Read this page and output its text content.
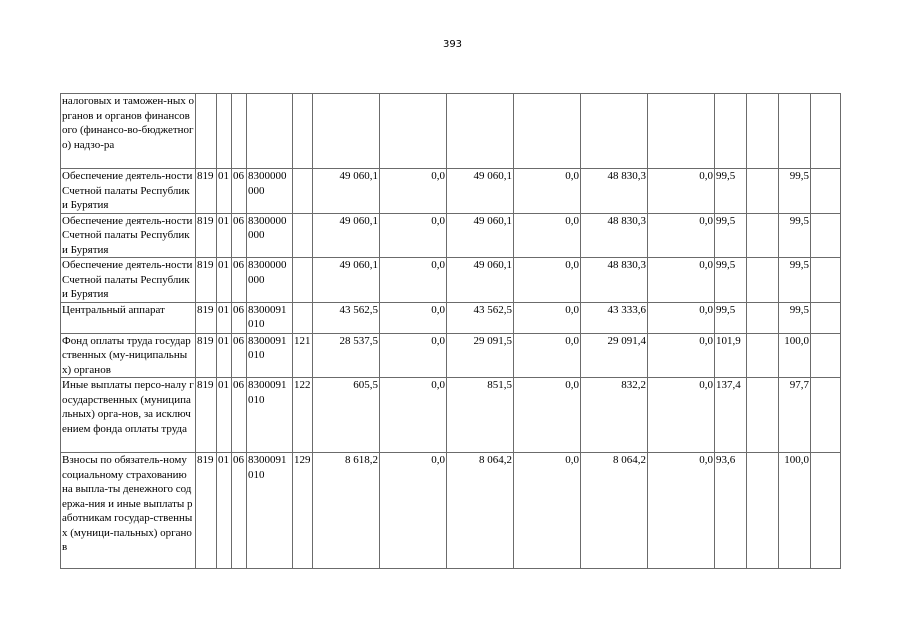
393
налоговых и таможен-ных органов и органов финансового (финансо-во-бюджетного) надзо-ра															
Обеспечение деятель-ности Счетной палаты Республики Бурятия	819	01	06	8300000 000		49 060,1	0,0	49 060,1	0,0	48 830,3	0,0	99,5		99,5	
Обеспечение деятель-ности Счетной палаты Республики Бурятия	819	01	06	8300000 000		49 060,1	0,0	49 060,1	0,0	48 830,3	0,0	99,5		99,5	
Обеспечение деятель-ности Счетной палаты Республики Бурятия	819	01	06	8300000 000		49 060,1	0,0	49 060,1	0,0	48 830,3	0,0	99,5		99,5	
Центральный аппарат	819	01	06	8300091 010		43 562,5	0,0	43 562,5	0,0	43 333,6	0,0	99,5		99,5	
Фонд оплаты труда государственных (му-ниципальных) органов	819	01	06	8300091 010	121	28 537,5	0,0	29 091,5	0,0	29 091,4	0,0	101,9		100,0	
Иные выплаты персо-налу государственных (муниципальных) орга-нов, за исключением фонда оплаты труда	819	01	06	8300091 010	122	605,5	0,0	851,5	0,0	832,2	0,0	137,4		97,7	
Взносы по обязатель-ному социальному страхованию на выпла-ты денежного содержа-ния и иные выплаты работникам государ-ственных (муници-пальных) органов	819	01	06	8300091 010	129	8 618,2	0,0	8 064,2	0,0	8 064,2	0,0	93,6		100,0	
